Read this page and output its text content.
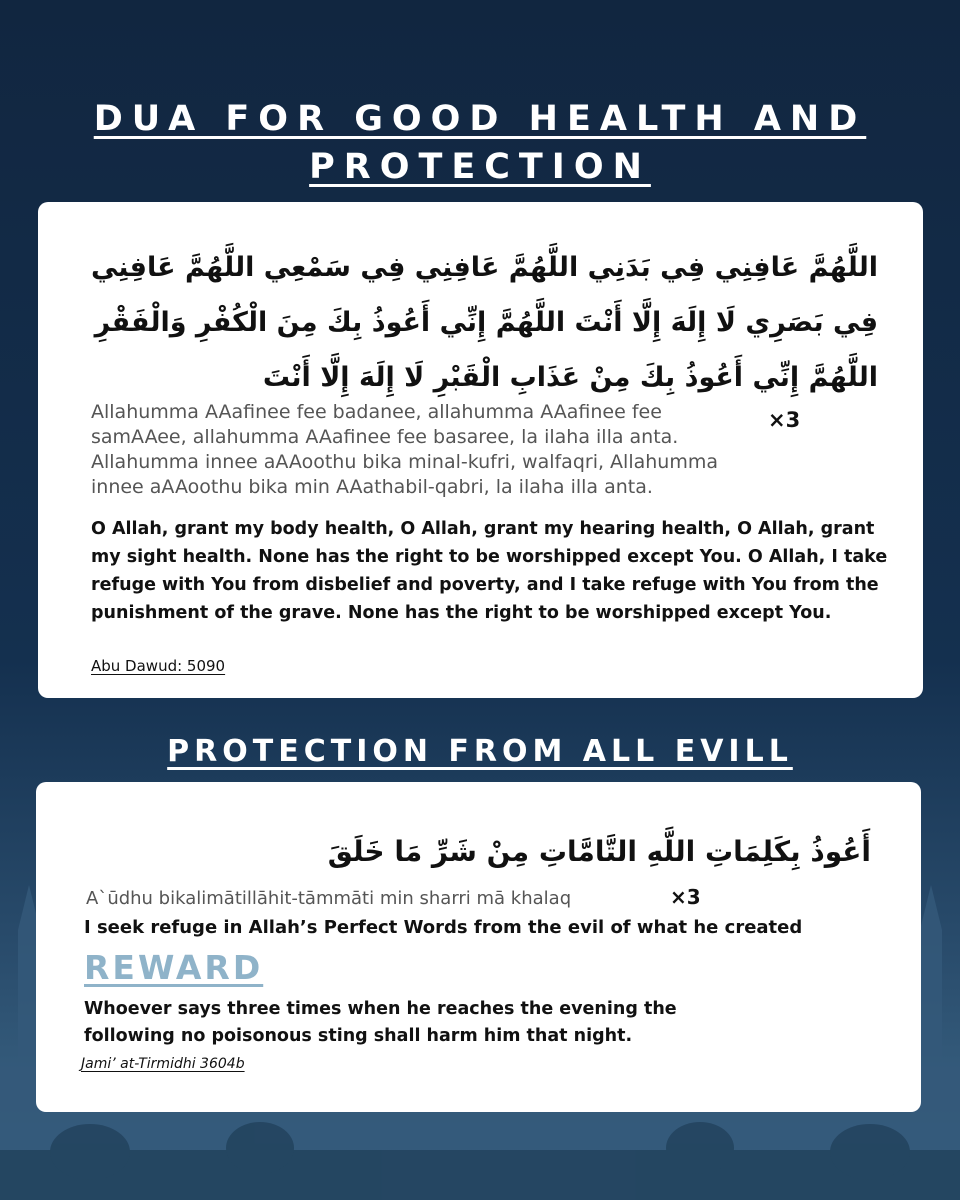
DUA FOR GOOD HEALTH AND
PROTECTION
اللَّهُمَّ عَافِنِي فِي بَدَنِي اللَّهُمَّ عَافِنِي فِي سَمْعِي اللَّهُمَّ عَافِنِي فِي بَصَرِي لَا إِلَهَ إِلَّا أَنْتَ اللَّهُمَّ إِنِّي أَعُوذُ بِكَ مِنَ الْكُفْرِ وَالْفَقْرِ اللَّهُمَّ إِنِّي أَعُوذُ بِكَ مِنْ عَذَابِ الْقَبْرِ لَا إِلَهَ إِلَّا أَنْتَ
Allahumma AAafinee fee badanee, allahumma AAafinee fee samAAee, allahumma AAafinee fee basaree, la ilaha illa anta. Allahumma innee aAAoothu bika minal-kufri, walfaqri, Allahumma innee aAAoothu bika min AAathabil-qabri, la ilaha illa anta.
×3
O Allah, grant my body health, O Allah, grant my hearing health, O Allah, grant my sight health. None has the right to be worshipped except You. O Allah, I take refuge with You from disbelief and poverty, and I take refuge with You from the punishment of the grave. None has the right to be worshipped except You.
Abu Dawud: 5090
PROTECTION FROM ALL EVILL
أَعُوذُ بِكَلِمَاتِ اللَّهِ التَّامَّاتِ مِنْ شَرِّ مَا خَلَقَ
A`ūdhu bikalimātillāhit-tāmmāti min sharri mā khalaq	×3
I seek refuge in Allah’s Perfect Words from the evil of what he created
REWARD
Whoever says three times when he reaches the evening the following no poisonous sting shall harm him that night.
Jami’ at-Tirmidhi 3604b
